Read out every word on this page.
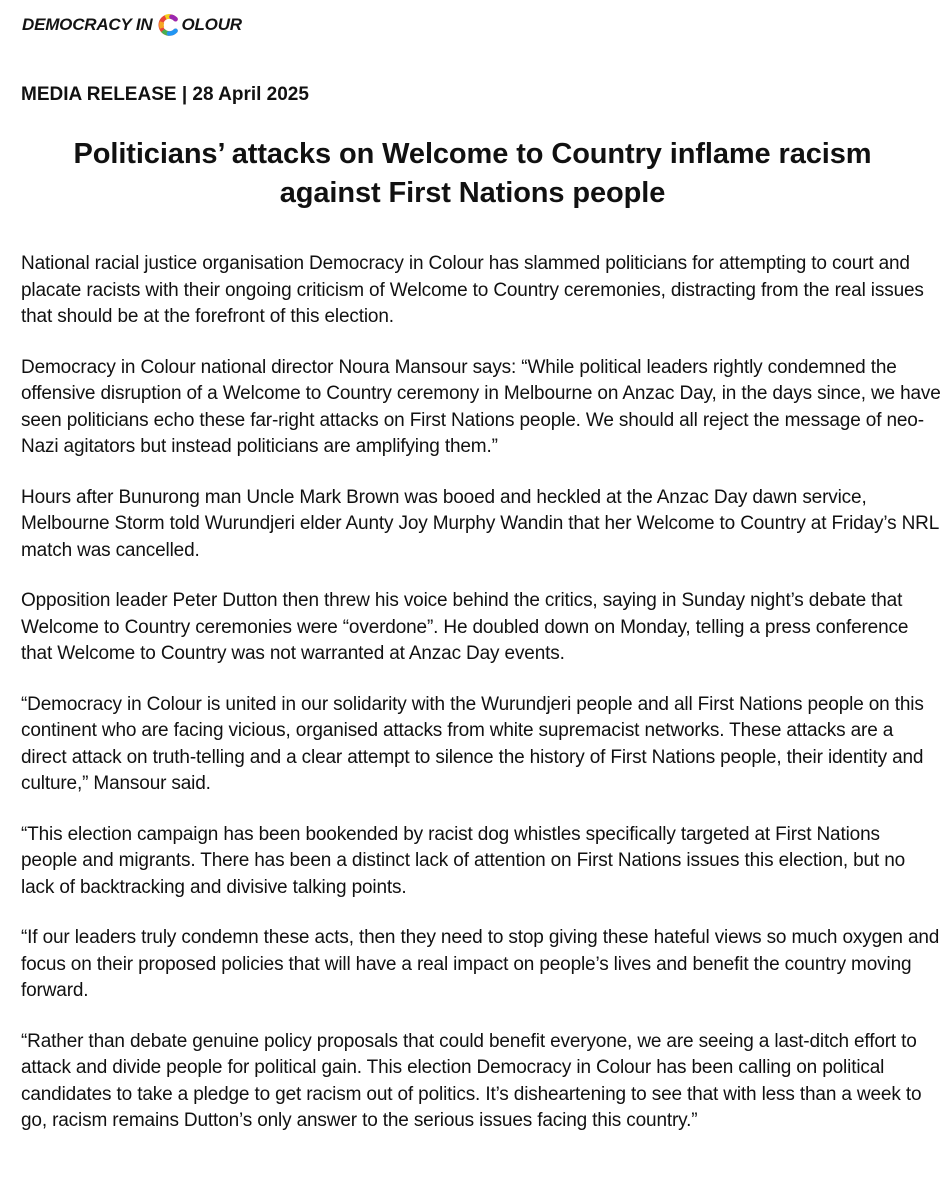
DEMOCRACY IN OLOUR
MEDIA RELEASE | 28 April 2025
Politicians’ attacks on Welcome to Country inflame racism against First Nations people

National racial justice organisation Democracy in Colour has slammed politicians for attempting to court and placate racists with their ongoing criticism of Welcome to Country ceremonies, distracting from the real issues that should be at the forefront of this election.

Democracy in Colour national director Noura Mansour says: “While political leaders rightly condemned the offensive disruption of a Welcome to Country ceremony in Melbourne on Anzac Day, in the days since, we have seen politicians echo these far-right attacks on First Nations people. We should all reject the message of neo-Nazi agitators but instead politicians are amplifying them.”

Hours after Bunurong man Uncle Mark Brown was booed and heckled at the Anzac Day dawn service, Melbourne Storm told Wurundjeri elder Aunty Joy Murphy Wandin that her Welcome to Country at Friday’s NRL match was cancelled.

Opposition leader Peter Dutton then threw his voice behind the critics, saying in Sunday night’s debate that Welcome to Country ceremonies were “overdone”. He doubled down on Monday, telling a press conference that Welcome to Country was not warranted at Anzac Day events.

“Democracy in Colour is united in our solidarity with the Wurundjeri people and all First Nations people on this continent who are facing vicious, organised attacks from white supremacist networks. These attacks are a direct attack on truth-telling and a clear attempt to silence the history of First Nations people, their identity and culture,” Mansour said.

“This election campaign has been bookended by racist dog whistles specifically targeted at First Nations people and migrants. There has been a distinct lack of attention on First Nations issues this election, but no lack of backtracking and divisive talking points.

“If our leaders truly condemn these acts, then they need to stop giving these hateful views so much oxygen and focus on their proposed policies that will have a real impact on people’s lives and benefit the country moving forward.

“Rather than debate genuine policy proposals that could benefit everyone, we are seeing a last-ditch effort to attack and divide people for political gain. This election Democracy in Colour has been calling on political candidates to take a pledge to get racism out of politics. It’s disheartening to see that with less than a week to go, racism remains Dutton’s only answer to the serious issues facing this country.”
